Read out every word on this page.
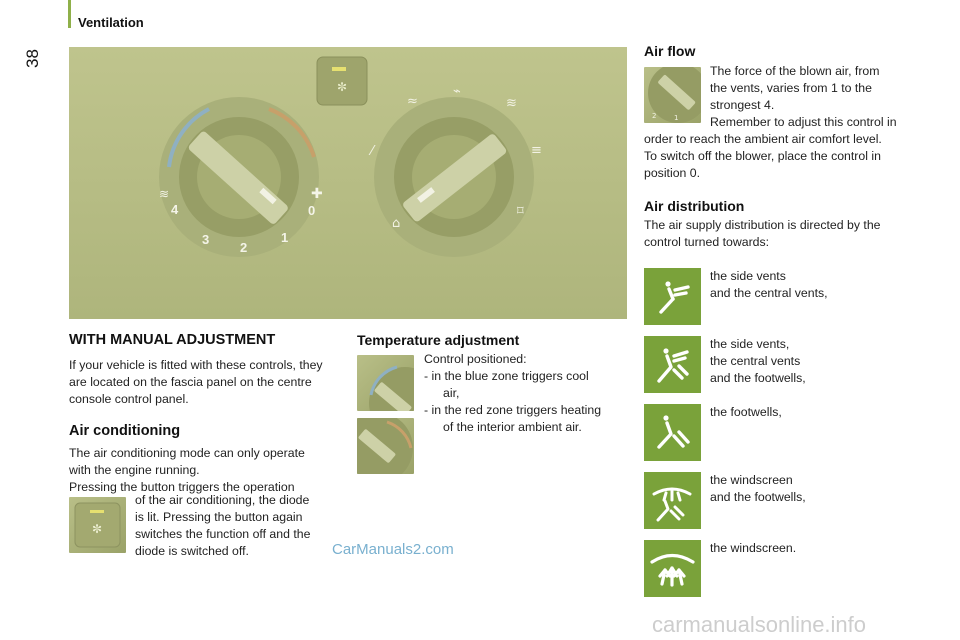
Ventilation
38
✼
≈
⌁
≋
⁄	≡
⌂
⌑
4
3
2
1
0
✚
≋
WITH MANUAL ADJUSTMENT
If your vehicle is fitted with these controls, they are located on the fascia panel on the centre console control panel.
Air conditioning

The air conditioning mode can only operate

with the engine running.

Pressing the button triggers the operation

✼

of the air conditioning, the diode

is lit. Pressing the button again

switches the function off and the

diode is switched off.

Temperature adjustment

Control positioned:

- in the blue zone triggers cool

air,

- in the red zone triggers heating

of the interior ambient air.

Air flow
2	1

The force of the blown air, from

the vents, varies from 1 to the

strongest 4.

Remember to adjust this control in

order to reach the ambient air comfort level.

To switch off the blower, place the control in

position 0.

Air distribution

The air supply distribution is directed by the

control turned towards:

the side vents
and the central vents,
the side vents,
the central vents
and the footwells,
the footwells,
the windscreen
and the footwells,
the windscreen.
CarManuals2.com
carmanualsonline.info
